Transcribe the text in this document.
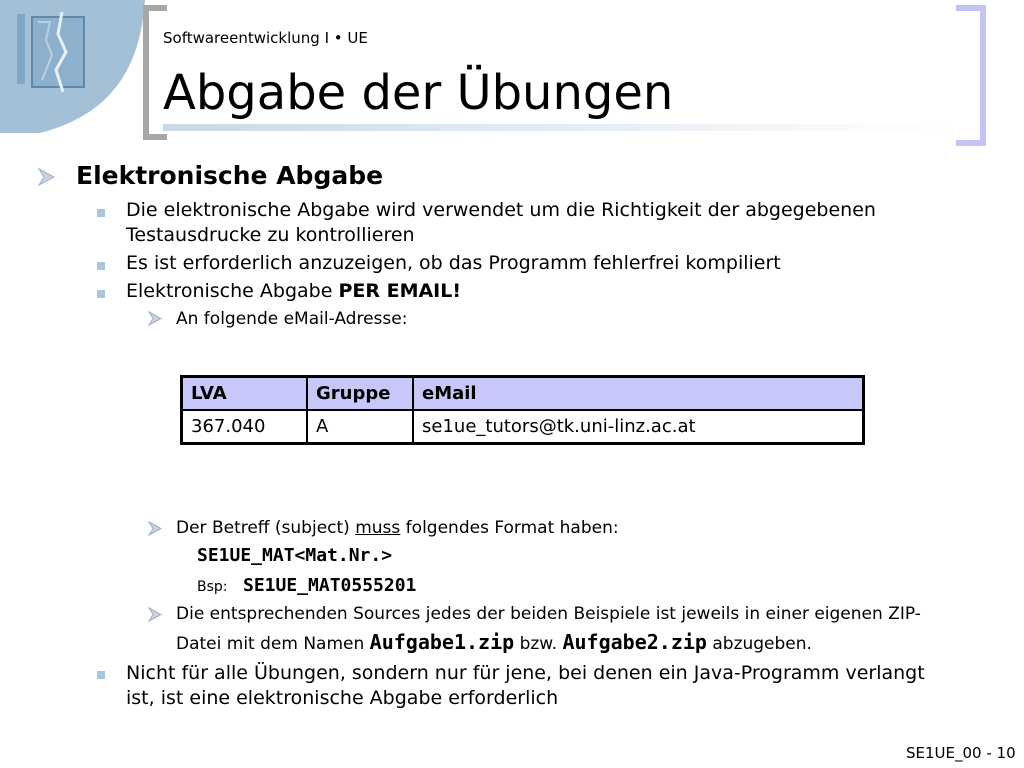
Softwareentwicklung I • UE
Abgabe der Übungen
Elektronische Abgabe
Die elektronische Abgabe wird verwendet um die Richtigkeit der abgegebenen
Testausdrucke zu kontrollieren
Es ist erforderlich anzuzeigen, ob das Programm fehlerfrei kompiliert
Elektronische Abgabe PER EMAIL!
An folgende eMail-Adresse:
LVA	Gruppe	eMail
367.040	A	se1ue_tutors@tk.uni-linz.ac.at
Der Betreff (subject) muss folgendes Format haben:
SE1UE_MAT<Mat.Nr.>
Bsp: SE1UE_MAT0555201
Die entsprechenden Sources jedes der beiden Beispiele ist jeweils in einer eigenen ZIP-
Datei mit dem Namen Aufgabe1.zip bzw. Aufgabe2.zip abzugeben.
Nicht für alle Übungen, sondern nur für jene, bei denen ein Java-Programm verlangt
ist, ist eine elektronische Abgabe erforderlich
SE1UE_00 - 10
